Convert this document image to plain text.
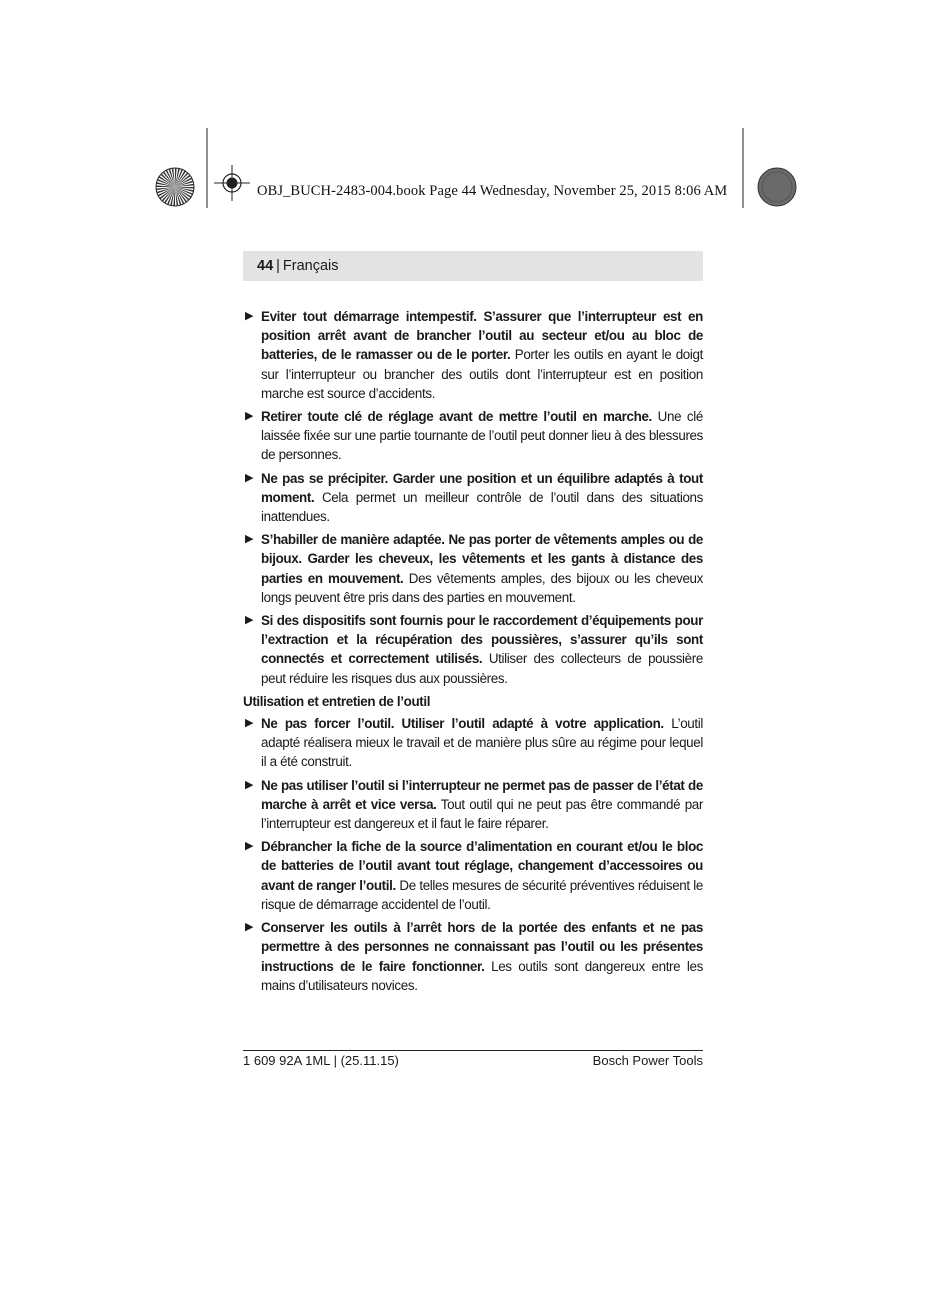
OBJ_BUCH-2483-004.book Page 44 Wednesday, November 25, 2015 8:06 AM
44 | Français
▶ Eviter tout démarrage intempestif. S’assurer que l’interrupteur est en position arrêt avant de brancher l’outil au secteur et/ou au bloc de batteries, de le ramasser ou de le porter. Porter les outils en ayant le doigt sur l’interrupteur ou brancher des outils dont l’interrupteur est en position marche est source d’accidents.
▶ Retirer toute clé de réglage avant de mettre l’outil en marche. Une clé laissée fixée sur une partie tournante de l’outil peut donner lieu à des blessures de personnes.
▶ Ne pas se précipiter. Garder une position et un équilibre adaptés à tout moment. Cela permet un meilleur contrôle de l’outil dans des situations inattendues.
▶ S’habiller de manière adaptée. Ne pas porter de vêtements amples ou de bijoux. Garder les cheveux, les vêtements et les gants à distance des parties en mouvement. Des vêtements amples, des bijoux ou les cheveux longs peuvent être pris dans des parties en mouvement.
▶ Si des dispositifs sont fournis pour le raccordement d’équipements pour l’extraction et la récupération des poussières, s’assurer qu’ils sont connectés et correctement utilisés. Utiliser des collecteurs de poussière peut réduire les risques dus aux poussières.
Utilisation et entretien de l’outil
▶ Ne pas forcer l’outil. Utiliser l’outil adapté à votre application. L’outil adapté réalisera mieux le travail et de manière plus sûre au régime pour lequel il a été construit.
▶ Ne pas utiliser l’outil si l’interrupteur ne permet pas de passer de l’état de marche à arrêt et vice versa. Tout outil qui ne peut pas être commandé par l’interrupteur est dangereux et il faut le faire réparer.
▶ Débrancher la fiche de la source d’alimentation en courant et/ou le bloc de batteries de l’outil avant tout réglage, changement d’accessoires ou avant de ranger l’outil. De telles mesures de sécurité préventives réduisent le risque de démarrage accidentel de l’outil.
▶ Conserver les outils à l’arrêt hors de la portée des enfants et ne pas permettre à des personnes ne connaissant pas l’outil ou les présentes instructions de le faire fonctionner. Les outils sont dangereux entre les mains d’utilisateurs novices.
1 609 92A 1ML | (25.11.15)	Bosch Power Tools
